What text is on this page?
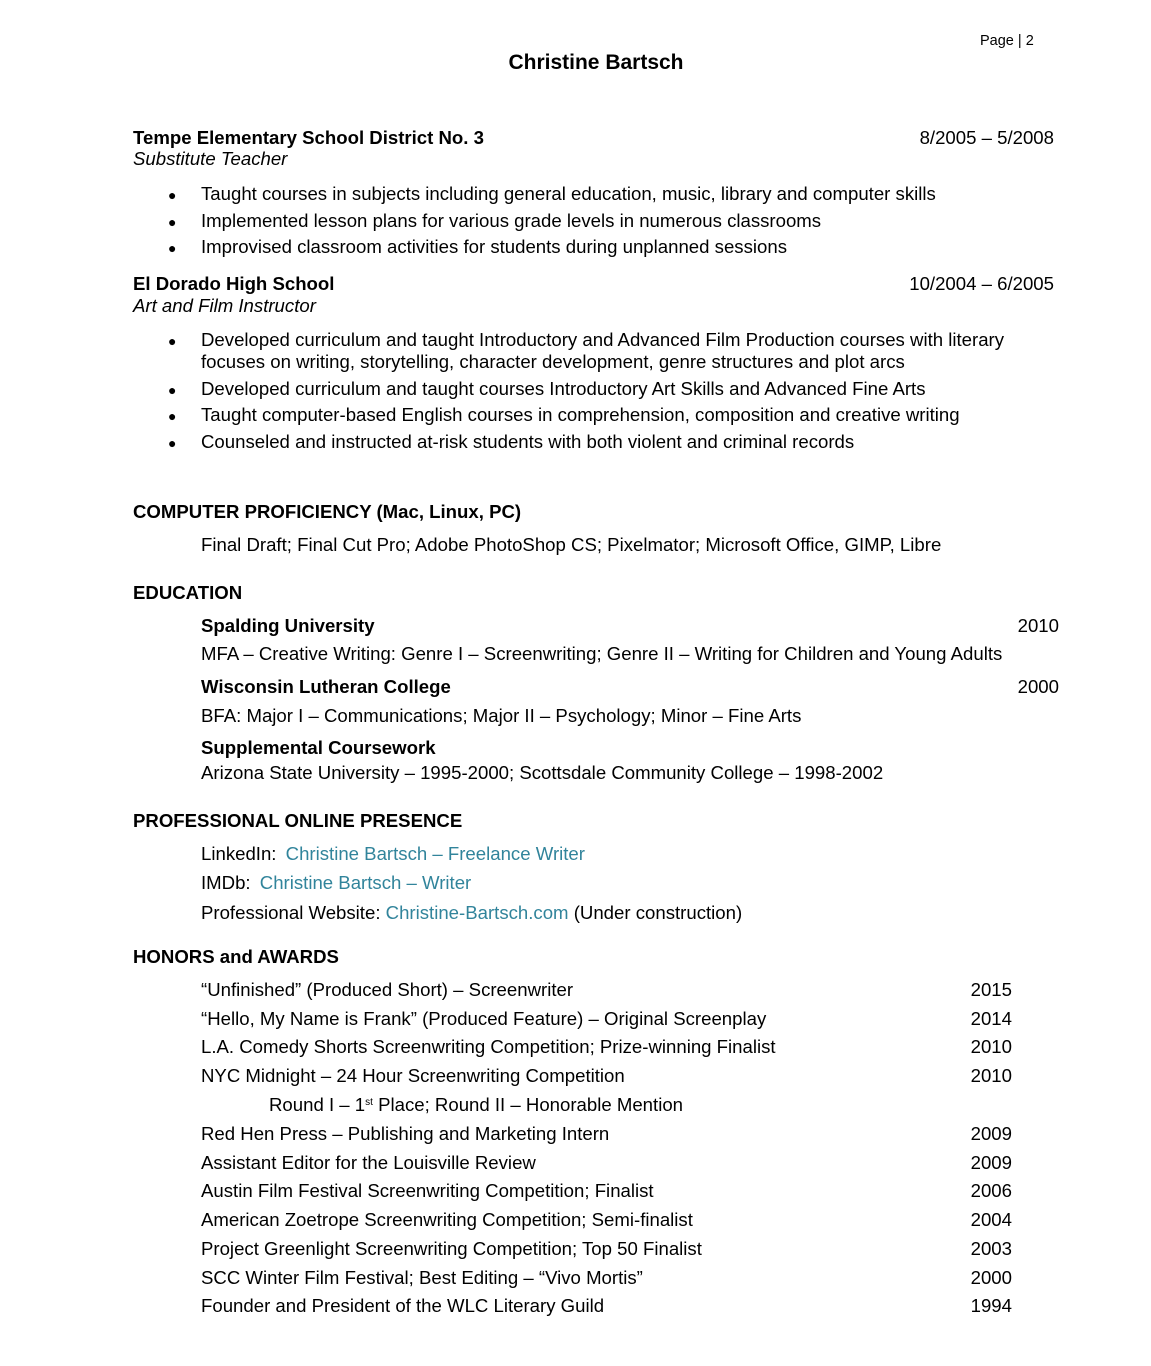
Page | 2
Christine Bartsch
Tempe Elementary School District No. 3	8/2005 – 5/2008
Substitute Teacher
● Taught courses in subjects including general education, music, library and computer skills
● Implemented lesson plans for various grade levels in numerous classrooms
● Improvised classroom activities for students during unplanned sessions
El Dorado High School	10/2004 – 6/2005
Art and Film Instructor
● Developed curriculum and taught Introductory and Advanced Film Production courses with literary
focuses on writing, storytelling, character development, genre structures and plot arcs
● Developed curriculum and taught courses Introductory Art Skills and Advanced Fine Arts
● Taught computer-based English courses in comprehension, composition and creative writing
● Counseled and instructed at-risk students with both violent and criminal records
COMPUTER PROFICIENCY (Mac, Linux, PC)
Final Draft; Final Cut Pro; Adobe PhotoShop CS; Pixelmator; Microsoft Office, GIMP, Libre
EDUCATION
Spalding University	2010
MFA – Creative Writing: Genre I – Screenwriting; Genre II – Writing for Children and Young Adults
Wisconsin Lutheran College	2000
BFA: Major I – Communications; Major II – Psychology; Minor – Fine Arts
Supplemental Coursework
Arizona State University – 1995-2000; Scottsdale Community College – 1998-2002
PROFESSIONAL ONLINE PRESENCE
LinkedIn: Christine Bartsch – Freelance Writer
IMDb: Christine Bartsch – Writer
Professional Website: Christine-Bartsch.com (Under construction)
HONORS and AWARDS
“Unfinished” (Produced Short) – Screenwriter	2015
“Hello, My Name is Frank” (Produced Feature) – Original Screenplay	2014
L.A. Comedy Shorts Screenwriting Competition; Prize-winning Finalist	2010
NYC Midnight – 24 Hour Screenwriting Competition	2010
Round I – 1st Place; Round II – Honorable Mention
Red Hen Press – Publishing and Marketing Intern	2009
Assistant Editor for the Louisville Review	2009
Austin Film Festival Screenwriting Competition; Finalist	2006
American Zoetrope Screenwriting Competition; Semi-finalist	2004
Project Greenlight Screenwriting Competition; Top 50 Finalist	2003
SCC Winter Film Festival; Best Editing – “Vivo Mortis”	2000
Founder and President of the WLC Literary Guild	1994
